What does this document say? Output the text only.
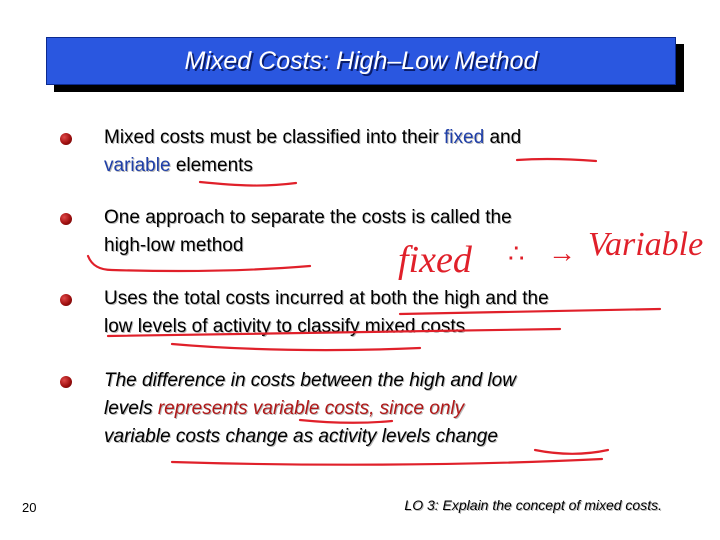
Mixed Costs: High–Low Method
Mixed costs must be classified into their fixed and
variable elements
One approach to separate the costs is called the
high-low method
Uses the total costs incurred at both the high and the
low levels of activity to classify mixed costs
The difference in costs between the high and low
levels represents variable costs, since only
variable costs change as activity levels change
20	LO 3: Explain the concept of mixed costs.
fixed ∴ → Variable
